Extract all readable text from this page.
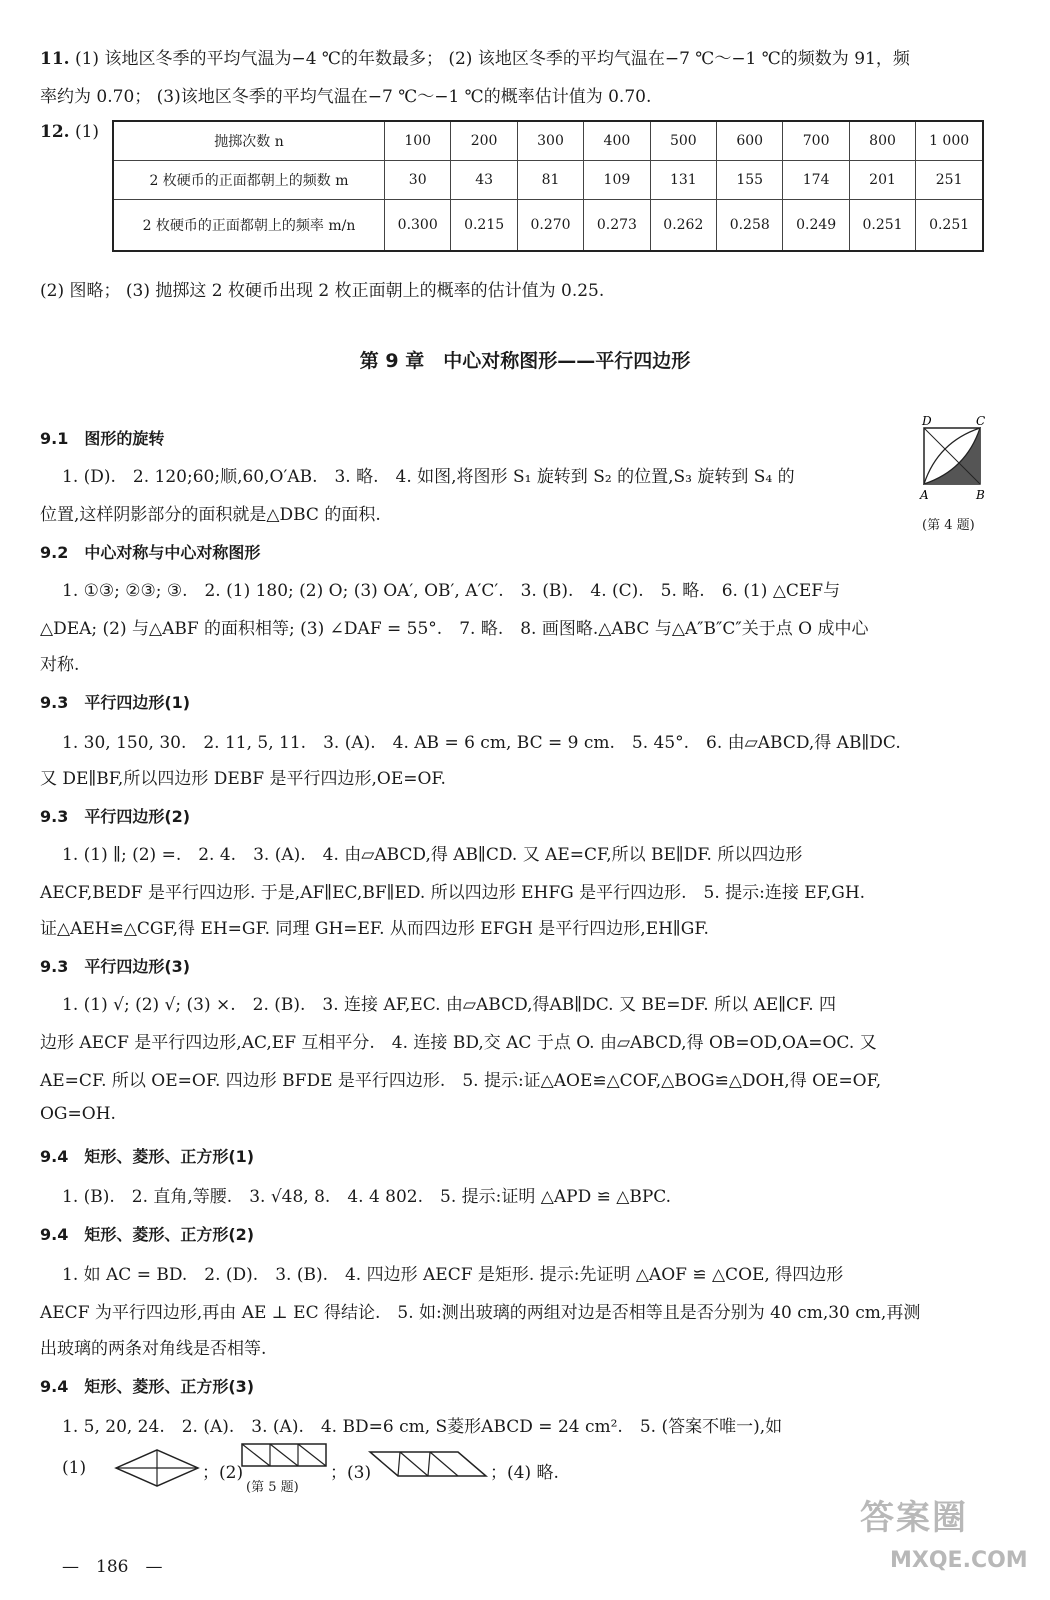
11. (1) 该地区冬季的平均气温为−4 ℃的年数最多； (2) 该地区冬季的平均气温在−7 ℃～−1 ℃的频数为 91，频
率约为 0.70； (3)该地区冬季的平均气温在−7 ℃～−1 ℃的概率估计值为 0.70.
12. (1)	抛掷次数 n	100	200	300	400	500	600	700	800	1 000
2 枚硬币的正面都朝上的频数 m	30	43	81	109	131	155	174	201	251
2 枚硬币的正面都朝上的频率 m/n	0.300	0.215	0.270	0.273	0.262	0.258	0.249	0.251	0.251
(2) 图略； (3) 抛掷这 2 枚硬币出现 2 枚正面朝上的概率的估计值为 0.25.
第 9 章　中心对称图形——平行四边形
9.1　图形的旋转
1. (D).　2. 120;60;顺,60,O′AB.　3. 略.　4. 如图,将图形 S₁ 旋转到 S₂ 的位置,S₃ 旋转到 S₄ 的
位置,这样阴影部分的面积就是△DBC 的面积.
D	C
A	B
(第 4 题)
9.2　中心对称与中心对称图形
1. ①③; ②③; ③.　2. (1) 180; (2) O; (3) OA′, OB′, A′C′.　3. (B).　4. (C).　5. 略.　6. (1) △CEF与
△DEA; (2) 与△ABF 的面积相等; (3) ∠DAF = 55°.　7. 略.　8. 画图略.△ABC 与△A″B″C″关于点 O 成中心
对称.
9.3　平行四边形(1)
1. 30, 150, 30.　2. 11, 5, 11.　3. (A).　4. AB = 6 cm, BC = 9 cm.　5. 45°.　6. 由▱ABCD,得 AB∥DC.
又 DE∥BF,所以四边形 DEBF 是平行四边形,OE=OF.
9.3　平行四边形(2)
1. (1) ∥; (2) =.　2. 4.　3. (A).　4. 由▱ABCD,得 AB∥CD. 又 AE=CF,所以 BE∥DF. 所以四边形
AECF,BEDF 是平行四边形. 于是,AF∥EC,BF∥ED. 所以四边形 EHFG 是平行四边形.　5. 提示:连接 EF,GH.
证△AEH≌△CGF,得 EH=GF. 同理 GH=EF. 从而四边形 EFGH 是平行四边形,EH∥GF.
9.3　平行四边形(3)
1. (1) √; (2) √; (3) ×.　2. (B).　3. 连接 AF,EC. 由▱ABCD,得AB∥DC. 又 BE=DF. 所以 AE∥CF. 四
边形 AECF 是平行四边形,AC,EF 互相平分.　4. 连接 BD,交 AC 于点 O. 由▱ABCD,得 OB=OD,OA=OC. 又
AE=CF. 所以 OE=OF. 四边形 BFDE 是平行四边形.　5. 提示:证△AOE≌△COF,△BOG≌△DOH,得 OE=OF,
OG=OH.
9.4　矩形、菱形、正方形(1)
1. (B).　2. 直角,等腰.　3. √48, 8.　4. 4 802.　5. 提示:证明 △APD ≌ △BPC.
9.4　矩形、菱形、正方形(2)
1. 如 AC = BD.　2. (D).　3. (B).　4. 四边形 AECF 是矩形. 提示:先证明 △AOF ≌ △COE, 得四边形
AECF 为平行四边形,再由 AE ⊥ EC 得结论.　5. 如:测出玻璃的两组对边是否相等且是否分别为 40 cm,30 cm,再测
出玻璃的两条对角线是否相等.
9.4　矩形、菱形、正方形(3)
1. 5, 20, 24.　2. (A).　3. (A).　4. BD=6 cm, S菱形ABCD = 24 cm².　5. (答案不唯一),如
(1)	；(2)
(第 5 题)
；(3)	；(4) 略.
—　186　—
答案圈
MXQE.COM
